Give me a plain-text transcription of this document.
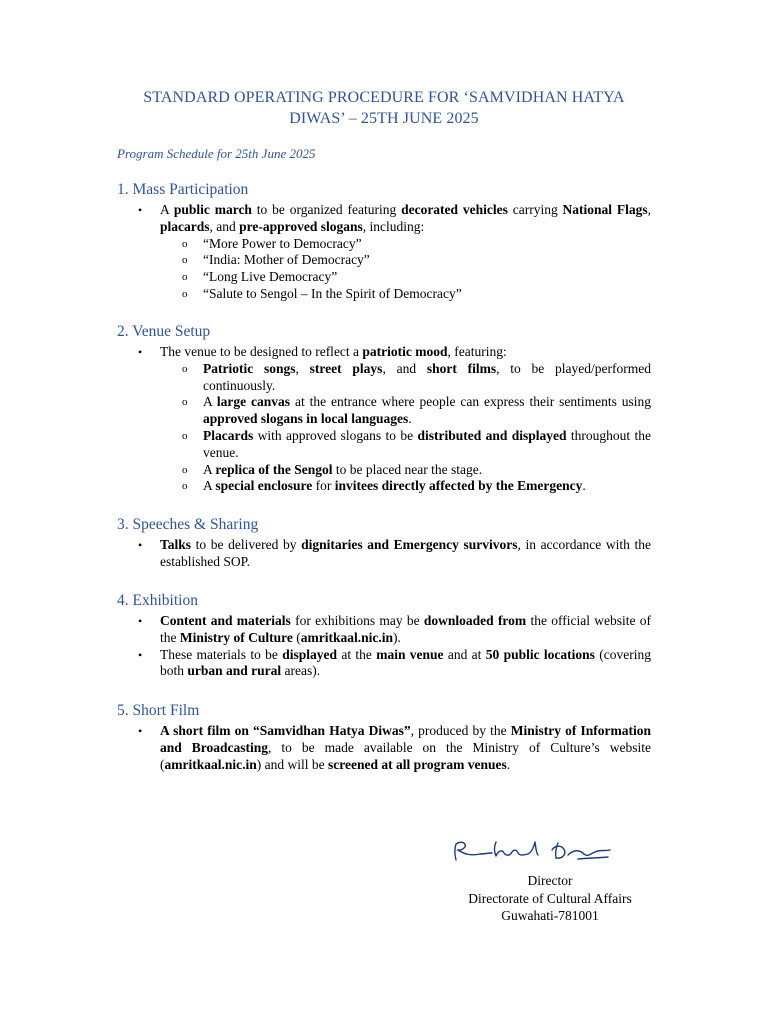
STANDARD OPERATING PROCEDURE FOR ‘SAMVIDHAN HATYA
DIWAS’ – 25TH JUNE 2025
Program Schedule for 25th June 2025
1. Mass Participation
• A public march to be organized featuring decorated vehicles carrying National Flags, placards, and pre-approved slogans, including:
o “More Power to Democracy”
o “India: Mother of Democracy”
o “Long Live Democracy”
o “Salute to Sengol – In the Spirit of Democracy”
2. Venue Setup
• The venue to be designed to reflect a patriotic mood, featuring:
o Patriotic songs, street plays, and short films, to be played/performed continuously.
o A large canvas at the entrance where people can express their sentiments using approved slogans in local languages.
o Placards with approved slogans to be distributed and displayed throughout the venue.
o A replica of the Sengol to be placed near the stage.
o A special enclosure for invitees directly affected by the Emergency.
3. Speeches & Sharing
• Talks to be delivered by dignitaries and Emergency survivors, in accordance with the established SOP.
4. Exhibition
• Content and materials for exhibitions may be downloaded from the official website of the Ministry of Culture (amritkaal.nic.in).
• These materials to be displayed at the main venue and at 50 public locations (covering both urban and rural areas).
5. Short Film
• A short film on “Samvidhan Hatya Diwas”, produced by the Ministry of Information and Broadcasting, to be made available on the Ministry of Culture’s website (amritkaal.nic.in) and will be screened at all program venues.
Director
Directorate of Cultural Affairs
Guwahati-781001
